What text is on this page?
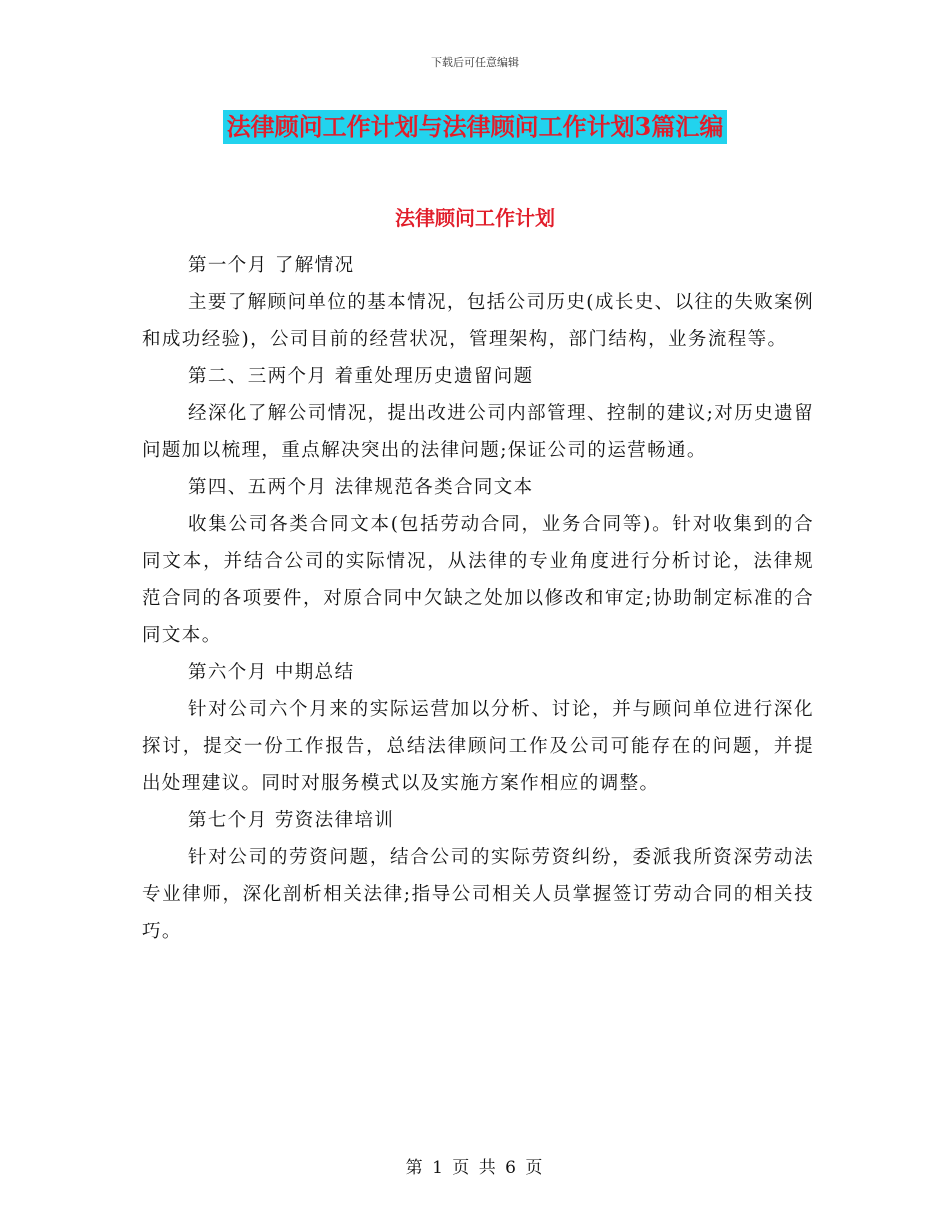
下载后可任意编辑
法律顾问工作计划与法律顾问工作计划3篇汇编
法律顾问工作计划

第一个月 了解情况

主要了解顾问单位的基本情况，包括公司历史(成长史、以往的失败案例和成功经验)，公司目前的经营状况，管理架构，部门结构，业务流程等。

第二、三两个月 着重处理历史遗留问题

经深化了解公司情况，提出改进公司内部管理、控制的建议;对历史遗留问题加以梳理，重点解决突出的法律问题;保证公司的运营畅通。

第四、五两个月 法律规范各类合同文本

收集公司各类合同文本(包括劳动合同，业务合同等)。针对收集到的合同文本，并结合公司的实际情况，从法律的专业角度进行分析讨论，法律规范合同的各项要件，对原合同中欠缺之处加以修改和审定;协助制定标准的合同文本。

第六个月 中期总结

针对公司六个月来的实际运营加以分析、讨论，并与顾问单位进行深化探讨，提交一份工作报告，总结法律顾问工作及公司可能存在的问题，并提出处理建议。同时对服务模式以及实施方案作相应的调整。

第七个月 劳资法律培训

针对公司的劳资问题，结合公司的实际劳资纠纷，委派我所资深劳动法专业律师，深化剖析相关法律;指导公司相关人员掌握签订劳动合同的相关技巧。

第 1 页 共 6 页
